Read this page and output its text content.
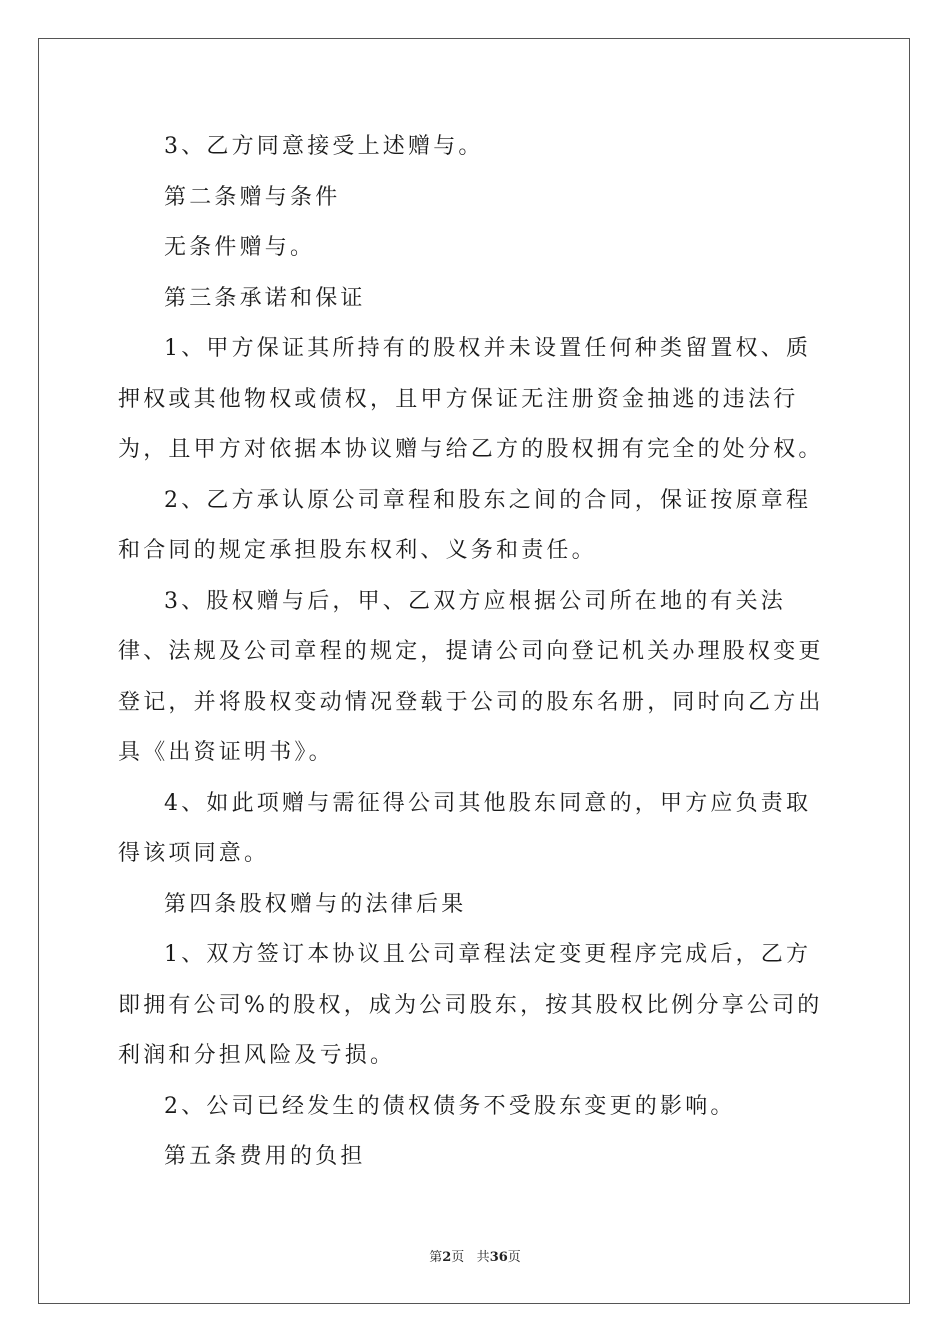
3、乙方同意接受上述赠与。

第二条赠与条件

无条件赠与。

第三条承诺和保证

1、甲方保证其所持有的股权并未设置任何种类留置权、质押权或其他物权或债权，且甲方保证无注册资金抽逃的违法行为，且甲方对依据本协议赠与给乙方的股权拥有完全的处分权。

2、乙方承认原公司章程和股东之间的合同，保证按原章程和合同的规定承担股东权利、义务和责任。

3、股权赠与后，甲、乙双方应根据公司所在地的有关法律、法规及公司章程的规定，提请公司向登记机关办理股权变更登记，并将股权变动情况登载于公司的股东名册，同时向乙方出具《出资证明书》。

4、如此项赠与需征得公司其他股东同意的，甲方应负责取得该项同意。

第四条股权赠与的法律后果

1、双方签订本协议且公司章程法定变更程序完成后，乙方即拥有公司%的股权，成为公司股东，按其股权比例分享公司的利润和分担风险及亏损。

2、公司已经发生的债权债务不受股东变更的影响。

第五条费用的负担

第2页 共36页
